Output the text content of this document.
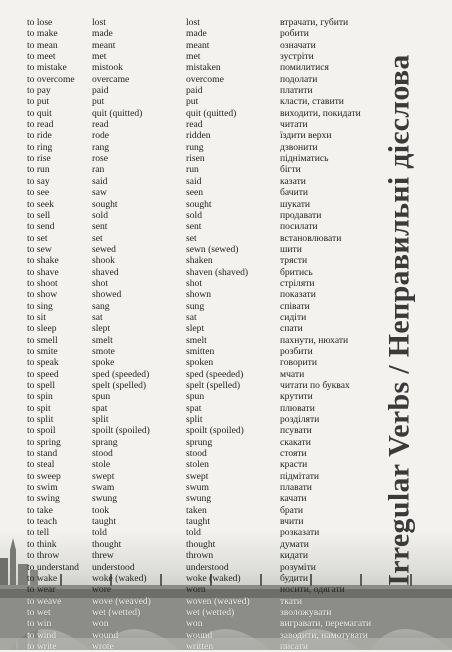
to lose	lost	lost	втрачати, губити
to make	made	made	робити
to mean	meant	meant	означати
to meet	met	met	зустріти
to mistake	mistook	mistaken	помилитися
to overcome overcame	overcome	подолати
to pay	paid	paid	платити
to put	put	put	класти, ставити
to quit	quit (quitted)	quit (quitted)	виходити, покидати
to read	read	read	читати
to ride	rode	ridden	їздити верхи
to ring	rang	rung	дзвонити
to rise	rose	risen	підніматись
to run	ran	run	бігти
to say	said	said	казати
to see	saw	seen	бачити
to seek	sought	sought	шукати
to sell	sold	sold	продавати
to send	sent	sent	посилати
to set	set	set	встановлювати
to sew	sewed	sewn (sewed)	шити
to shake	shook	shaken	трясти
to shave	shaved	shaven (shaved)	бритись
to shoot	shot	shot	стріляти
to show	showed	shown	показати
to sing	sang	sung	співати
to sit	sat	sat	сидіти
to sleep	slept	slept	спати
to smell	smelt	smelt	пахнути, нюхати
to smite	smote	smitten	розбити
to speak	spoke	spoken	говорити
to speed	sped (speeded)	sped (speeded)	мчати
to spell	spelt (spelled)	spelt (spelled)	читати по буквах
to spin	spun	spun	крутити
to spit	spat	spat	плювати
to split	split	split	розділяти
to spoil	spoilt (spoiled)	spoilt (spoiled)	псувати
to spring	sprang	sprung	скакати
to stand	stood	stood	стояти
to steal	stole	stolen	красти
to sweep	swept	swept	підмітати
to swim	swam	swum	плавати
to swing	swung	swung	качати
to take	took	taken	брати
to teach	taught	taught	вчити
to tell	told	told	розказати
to think	thought	thought	думати
to throw	threw	thrown	кидати
to understand understood	understood	розуміти
to wake	woke (waked)	woke (waked)	будити
to wear	wore	worn	носити, одягати
to weave	wove (weaved)	woven (weaved)	ткати
to wet	wet (wetted)	wet (wetted)	зволожувати
to win	won	won	вигравати, перемагати
to wind	wound	wound	заводити, намотувати
to write	wrote	written	писати
Irregular Verbs / Неправильні дієслова
